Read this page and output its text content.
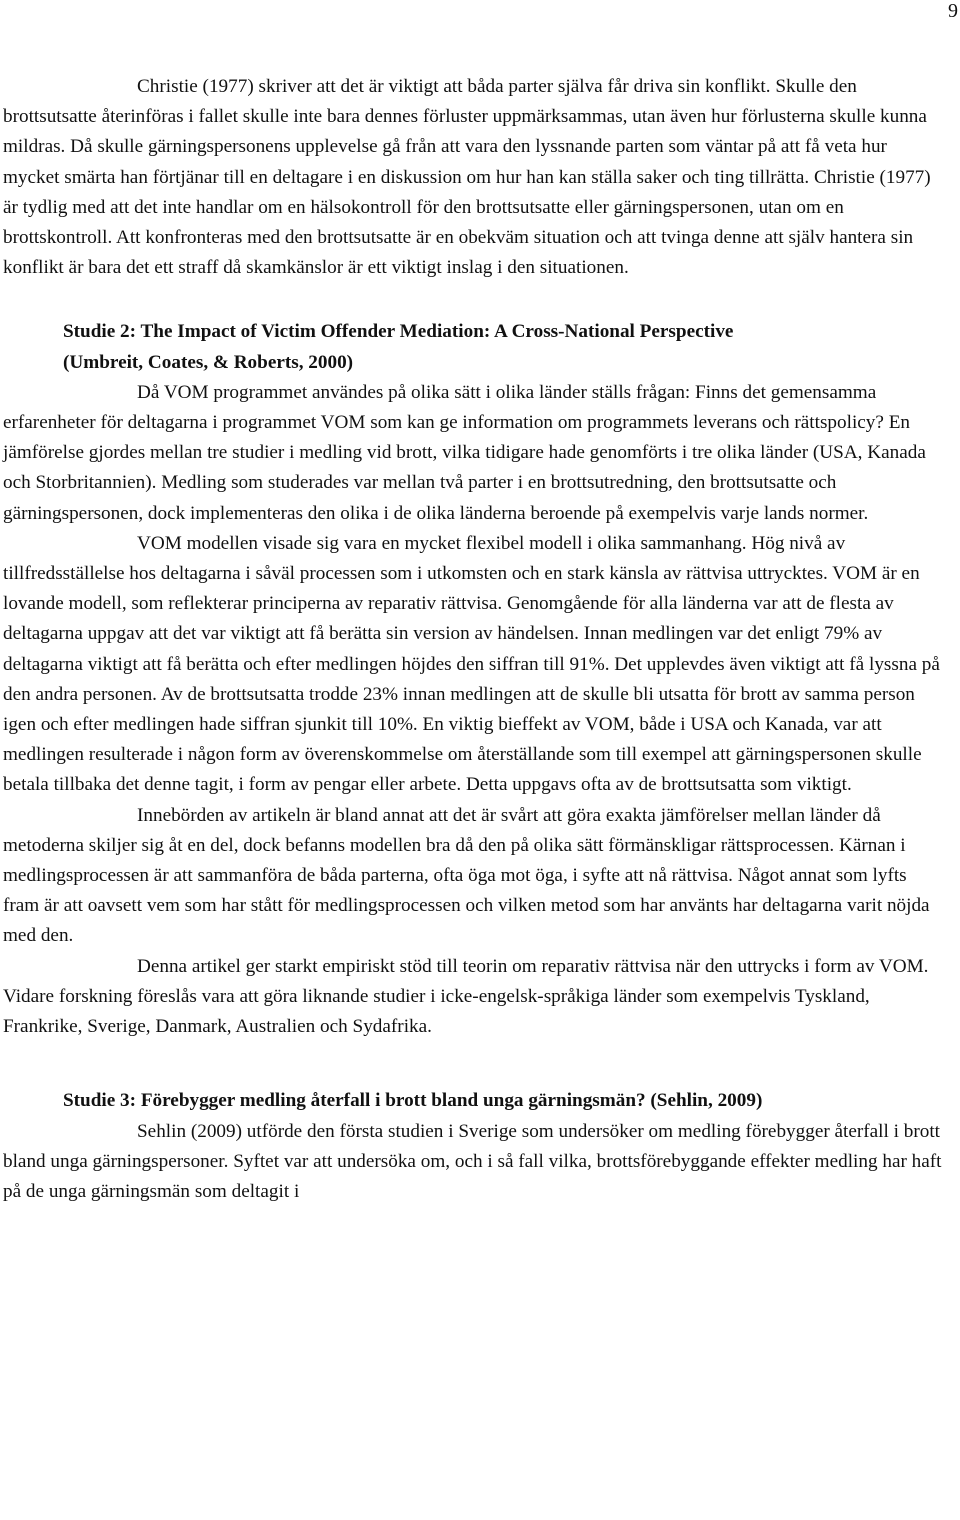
9

Christie (1977) skriver att det är viktigt att båda parter själva får driva sin konflikt. Skulle den brottsutsatte återinföras i fallet skulle inte bara dennes förluster uppmärksammas, utan även hur förlusterna skulle kunna mildras. Då skulle gärningspersonens upplevelse gå från att vara den lyssnande parten som väntar på att få veta hur mycket smärta han förtjänar till en deltagare i en diskussion om hur han kan ställa saker och ting tillrätta. Christie (1977) är tydlig med att det inte handlar om en hälsokontroll för den brottsutsatte eller gärningspersonen, utan om en brottskontroll. Att konfronteras med den brottsutsatte är en obekväm situation och att tvinga denne att själv hantera sin konflikt är bara det ett straff då skamkänslor är ett viktigt inslag i den situationen.

Studie 2: The Impact of Victim Offender Mediation: A Cross-National Perspective

(Umbreit, Coates, & Roberts, 2000)

Då VOM programmet användes på olika sätt i olika länder ställs frågan: Finns det gemensamma erfarenheter för deltagarna i programmet VOM som kan ge information om programmets leverans och rättspolicy? En jämförelse gjordes mellan tre studier i medling vid brott, vilka tidigare hade genomförts i tre olika länder (USA, Kanada och Storbritannien). Medling som studerades var mellan två parter i en brottsutredning, den brottsutsatte och gärningspersonen, dock implementeras den olika i de olika länderna beroende på exempelvis varje lands normer.

VOM modellen visade sig vara en mycket flexibel modell i olika sammanhang. Hög nivå av tillfredsställelse hos deltagarna i såväl processen som i utkomsten och en stark känsla av rättvisa uttrycktes. VOM är en lovande modell, som reflekterar principerna av reparativ rättvisa. Genomgående för alla länderna var att de flesta av deltagarna uppgav att det var viktigt att få berätta sin version av händelsen. Innan medlingen var det enligt 79% av deltagarna viktigt att få berätta och efter medlingen höjdes den siffran till 91%. Det upplevdes även viktigt att få lyssna på den andra personen. Av de brottsutsatta trodde 23% innan medlingen att de skulle bli utsatta för brott av samma person igen och efter medlingen hade siffran sjunkit till 10%. En viktig bieffekt av VOM, både i USA och Kanada, var att medlingen resulterade i någon form av överenskommelse om återställande som till exempel att gärningspersonen skulle betala tillbaka det denne tagit, i form av pengar eller arbete. Detta uppgavs ofta av de brottsutsatta som viktigt.

Innebörden av artikeln är bland annat att det är svårt att göra exakta jämförelser mellan länder då metoderna skiljer sig åt en del, dock befanns modellen bra då den på olika sätt förmänskligar rättsprocessen. Kärnan i medlingsprocessen är att sammanföra de båda parterna, ofta öga mot öga, i syfte att nå rättvisa. Något annat som lyfts fram är att oavsett vem som har stått för medlingsprocessen och vilken metod som har använts har deltagarna varit nöjda med den.

Denna artikel ger starkt empiriskt stöd till teorin om reparativ rättvisa när den uttrycks i form av VOM. Vidare forskning föreslås vara att göra liknande studier i icke-engelsk-språkiga länder som exempelvis Tyskland, Frankrike, Sverige, Danmark, Australien och Sydafrika.

Studie 3: Förebygger medling återfall i brott bland unga gärningsmän? (Sehlin, 2009)

Sehlin (2009) utförde den första studien i Sverige som undersöker om medling förebygger återfall i brott bland unga gärningspersoner. Syftet var att undersöka om, och i så fall vilka, brottsförebyggande effekter medling har haft på de unga gärningsmän som deltagit i
